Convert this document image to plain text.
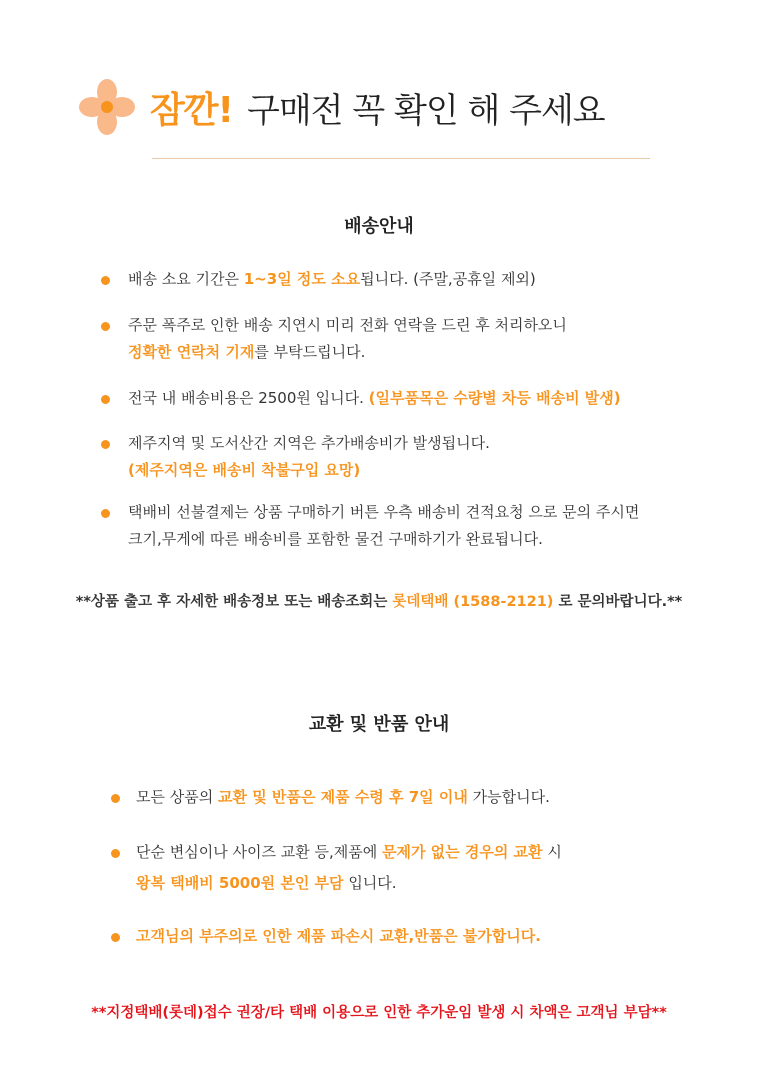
잠깐! 구매전 꼭 확인 해 주세요
배송안내
배송 소요 기간은 1~3일 정도 소요됩니다. (주말,공휴일 제외)
주문 폭주로 인한 배송 지연시 미리 전화 연락을 드린 후 처리하오니
정확한 연락처 기재를 부탁드립니다.
전국 내 배송비용은 2500원 입니다. (일부품목은 수량별 차등 배송비 발생)
제주지역 및 도서산간 지역은 추가배송비가 발생됩니다.
(제주지역은 배송비 착불구입 요망)
택배비 선불결제는 상품 구매하기 버튼 우측 배송비 견적요청 으로 문의 주시면
크기,무게에 따른 배송비를 포함한 물건 구매하기가 완료됩니다.
**상품 출고 후 자세한 배송정보 또는 배송조회는 롯데택배 (1588-2121) 로 문의바랍니다.**
교환 및 반품 안내
모든 상품의 교환 및 반품은 제품 수령 후 7일 이내 가능합니다.
단순 변심이나 사이즈 교환 등,제품에 문제가 없는 경우의 교환 시
왕복 택배비 5000원 본인 부담 입니다.
고객님의 부주의로 인한 제품 파손시 교환,반품은 불가합니다.
**지정택배(롯데)접수 권장/타 택배 이용으로 인한 추가운임 발생 시 차액은 고객님 부담**
